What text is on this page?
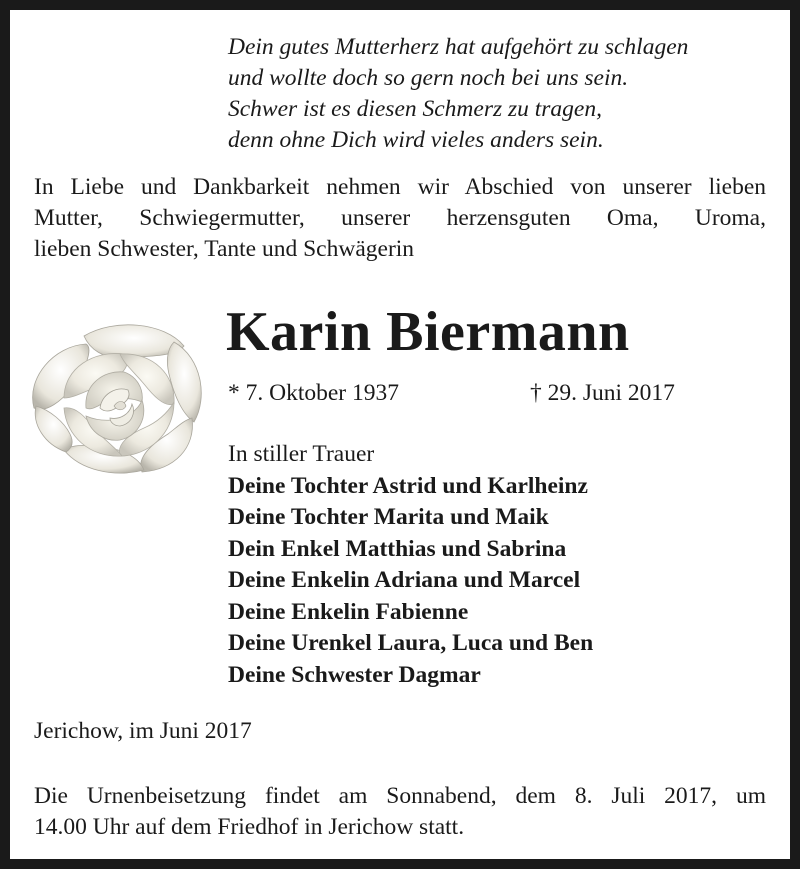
Dein gutes Mutterherz hat aufgehört zu schlagen
und wollte doch so gern noch bei uns sein.
Schwer ist es diesen Schmerz zu tragen,
denn ohne Dich wird vieles anders sein.
In Liebe und Dankbarkeit nehmen wir Abschied von unserer lieben
Mutter, Schwiegermutter, unserer herzensguten Oma, Uroma,
lieben Schwester, Tante und Schwägerin
Karin Biermann
* 7. Oktober 1937	† 29. Juni 2017
In stiller Trauer
Deine Tochter Astrid und Karlheinz
Deine Tochter Marita und Maik
Dein Enkel Matthias und Sabrina
Deine Enkelin Adriana und Marcel
Deine Enkelin Fabienne
Deine Urenkel Laura, Luca und Ben
Deine Schwester Dagmar
Jerichow, im Juni 2017
Die Urnenbeisetzung findet am Sonnabend, dem 8. Juli 2017, um
14.00 Uhr auf dem Friedhof in Jerichow statt.
